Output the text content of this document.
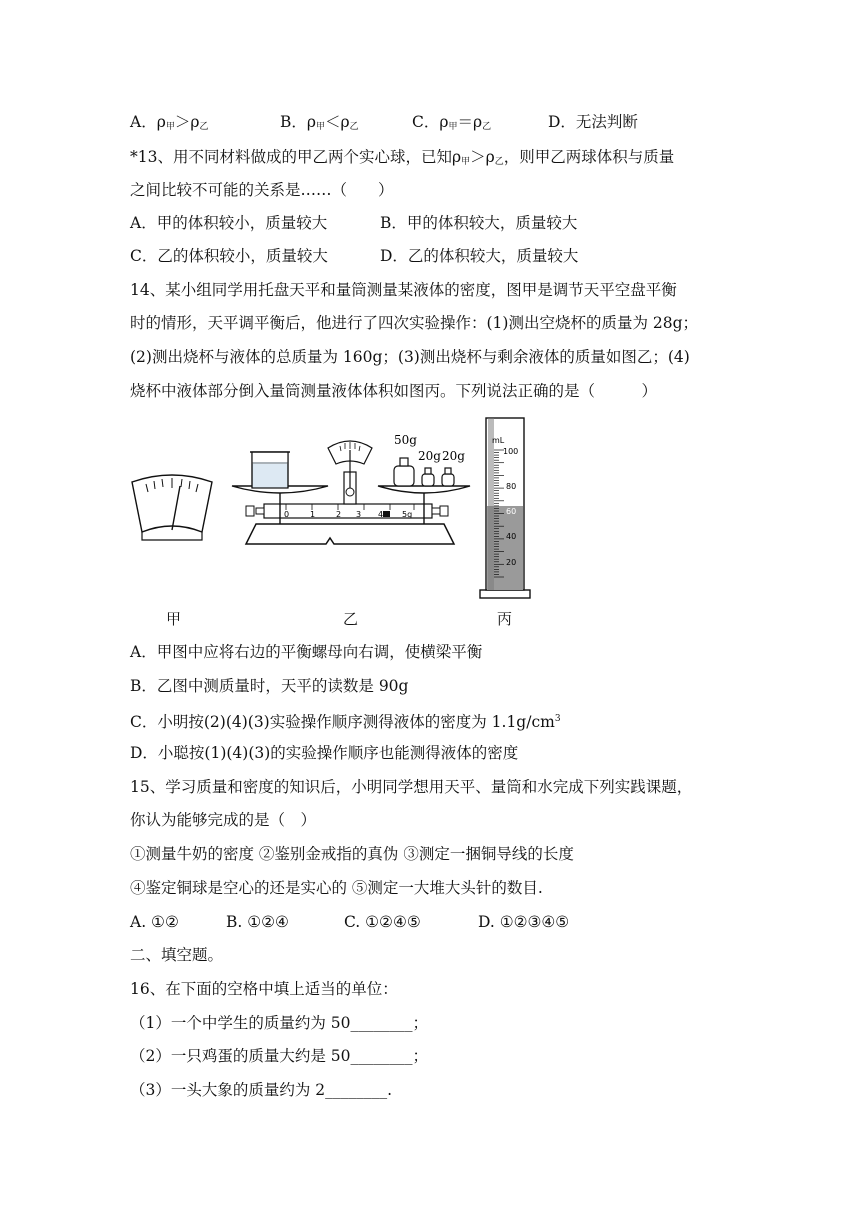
A．$\rho_甲>\rho_乙$	B．$\rho_甲<\rho_乙$	C．$\rho_甲=\rho_乙$	D．无法判断
*13、用不同材料做成的甲乙两个实心球，已知$\rho_甲>\rho_乙$，则甲乙两球体积与质量
之间比较不可能的关系是……（　　）
A．甲的体积较小，质量较大	B．甲的体积较大，质量较大
C．乙的体积较小，质量较大	D．乙的体积较大，质量较大
14、某小组同学用托盘天平和量筒测量某液体的密度，图甲是调节天平空盘平衡
时的情形，天平调平衡后，他进行了四次实验操作：(1)测出空烧杯的质量为 28g；
(2)测出烧杯与液体的总质量为 160g；(3)测出烧杯与剩余液体的质量如图乙；(4)
烧杯中液体部分倒入量筒测量液体体积如图丙。下列说法正确的是（　　　）
0	1	2 3 4 5g
50g
20g 20g
mL
100
80
60
40
20
甲	乙	丙
A．甲图中应将右边的平衡螺母向右调，使横梁平衡
B．乙图中测质量时，天平的读数是 90g
C．小明按(2)(4)(3)实验操作顺序测得液体的密度为 $1.1g/cm^3$
D．小聪按(1)(4)(3)的实验操作顺序也能测得液体的密度
15、学习质量和密度的知识后，小明同学想用天平、量筒和水完成下列实践课题，
你认为能够完成的是（　）
①测量牛奶的密度 ②鉴别金戒指的真伪 ③测定一捆铜导线的长度
④鉴定铜球是空心的还是实心的 ⑤测定一大堆大头针的数目.
A. ①②	B. ①②④	C. ①②④⑤	D. ①②③④⑤
二、填空题。
16、在下面的空格中填上适当的单位：
（1）一个中学生的质量约为 50________；
（2）一只鸡蛋的质量大约是 50________；
（3）一头大象的质量约为 2________.
